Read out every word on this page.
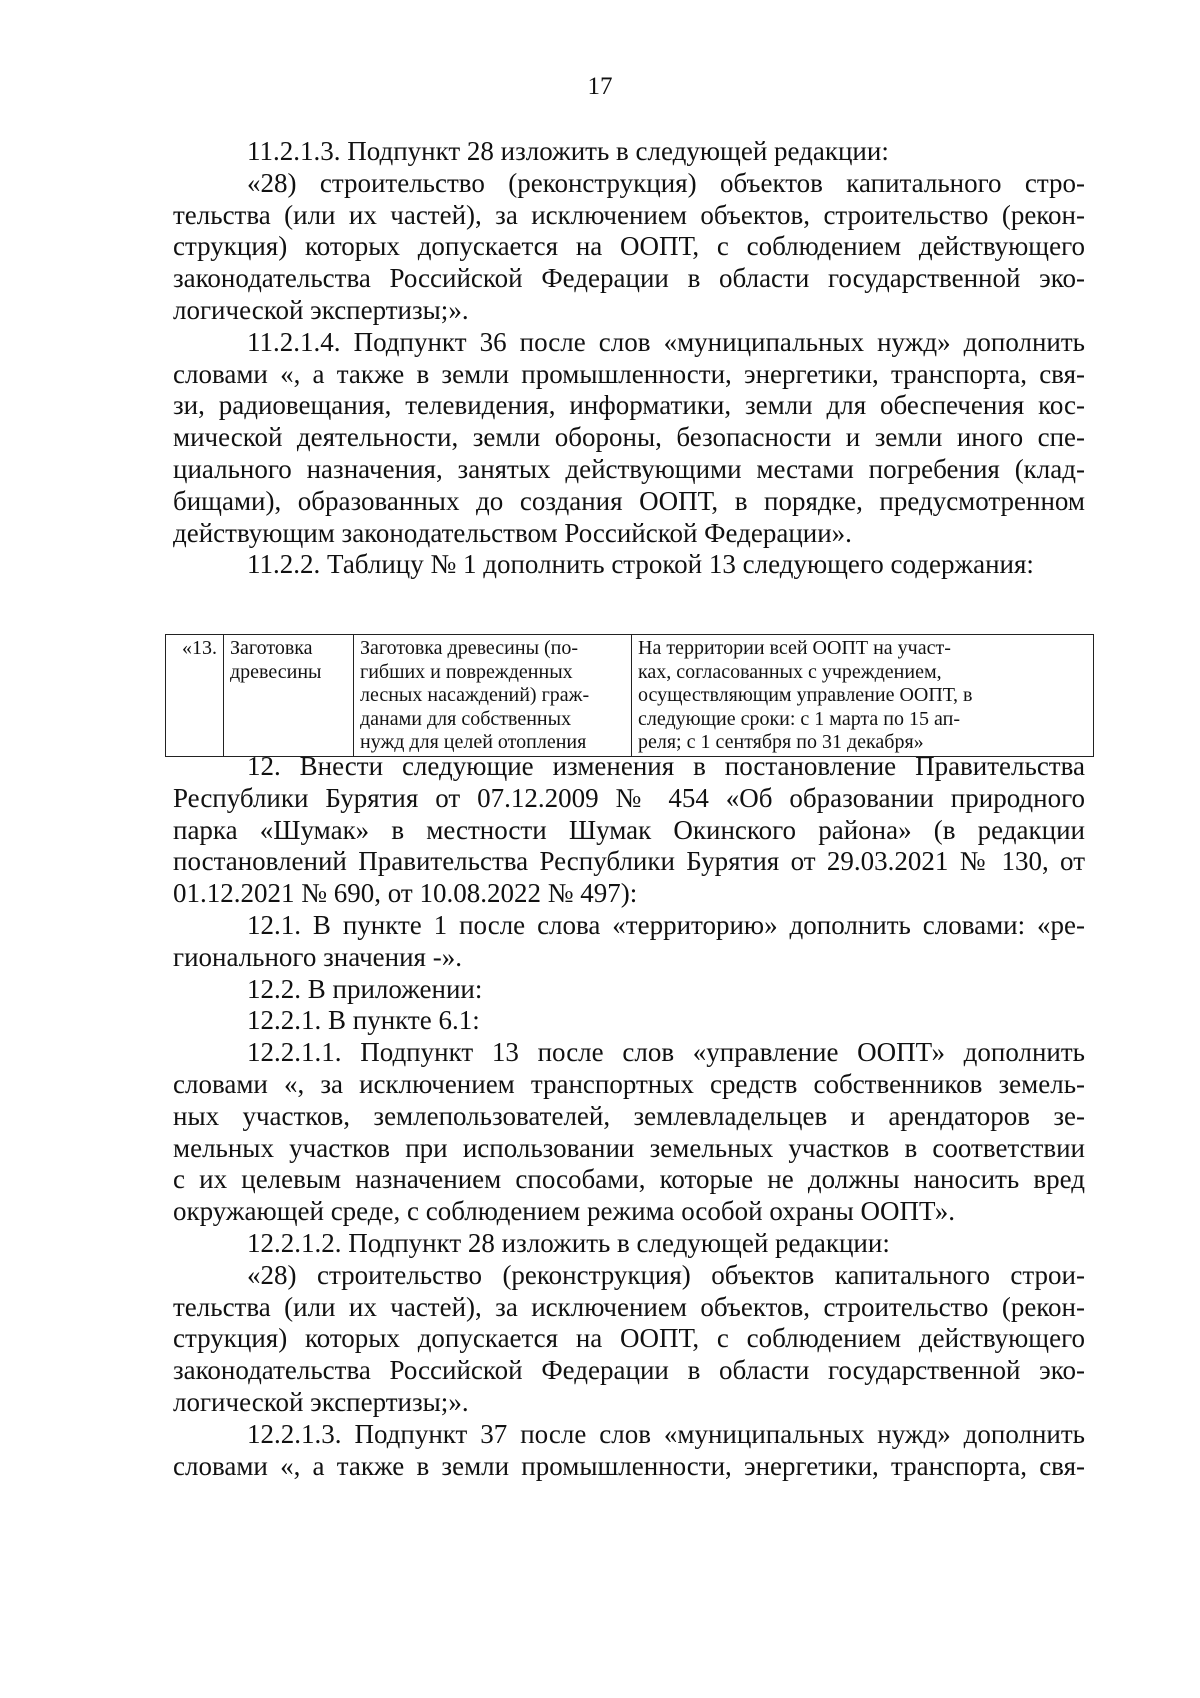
17
11.2.1.3. Подпункт 28 изложить в следующей редакции:
«28) строительство (реконструкция) объектов капитального стро-
тельства (или их частей), за исключением объектов, строительство (рекон-
струкция) которых допускается на ООПТ, с соблюдением действующего
законодательства Российской Федерации в области государственной эко-
логической экспертизы;».
11.2.1.4. Подпункт 36 после слов «муниципальных нужд» дополнить
словами «, а также в земли промышленности, энергетики, транспорта, свя-
зи, радиовещания, телевидения, информатики, земли для обеспечения кос-
мической деятельности, земли обороны, безопасности и земли иного спе-
циального назначения, занятых действующими местами погребения (клад-
бищами), образованных до создания ООПТ, в порядке, предусмотренном
действующим законодательством Российской Федерации».
11.2.2. Таблицу № 1 дополнить строкой 13 следующего содержания:
«13.	Заготовка
древесины

Заготовка древесины (по-
гибших и поврежденных
лесных насаждений) граж-
данами для собственных
нужд для целей отопления

На территории всей ООПТ на участ-
ках, согласованных с учреждением,
осуществляющим управление ООПТ, в
следующие сроки: с 1 марта по 15 ап-
реля; с 1 сентября по 31 декабря»
12. Внести следующие изменения в постановление Правительства
Республики Бурятия от 07.12.2009 № 454 «Об образовании природного
парка «Шумак» в местности Шумак Окинского района» (в редакции
постановлений Правительства Республики Бурятия от 29.03.2021 № 130, от
01.12.2021 № 690, от 10.08.2022 № 497):
12.1. В пункте 1 после слова «территорию» дополнить словами: «ре-
гионального значения -».
12.2. В приложении:
12.2.1. В пункте 6.1:
12.2.1.1. Подпункт 13 после слов «управление ООПТ» дополнить
словами «, за исключением транспортных средств собственников земель-
ных участков, землепользователей, землевладельцев и арендаторов зе-
мельных участков при использовании земельных участков в соответствии
с их целевым назначением способами, которые не должны наносить вред
окружающей среде, с соблюдением режима особой охраны ООПТ».
12.2.1.2. Подпункт 28 изложить в следующей редакции:
«28) строительство (реконструкция) объектов капитального строи-
тельства (или их частей), за исключением объектов, строительство (рекон-
струкция) которых допускается на ООПТ, с соблюдением действующего
законодательства Российской Федерации в области государственной эко-
логической экспертизы;».
12.2.1.3. Подпункт 37 после слов «муниципальных нужд» дополнить
словами «, а также в земли промышленности, энергетики, транспорта, свя-
